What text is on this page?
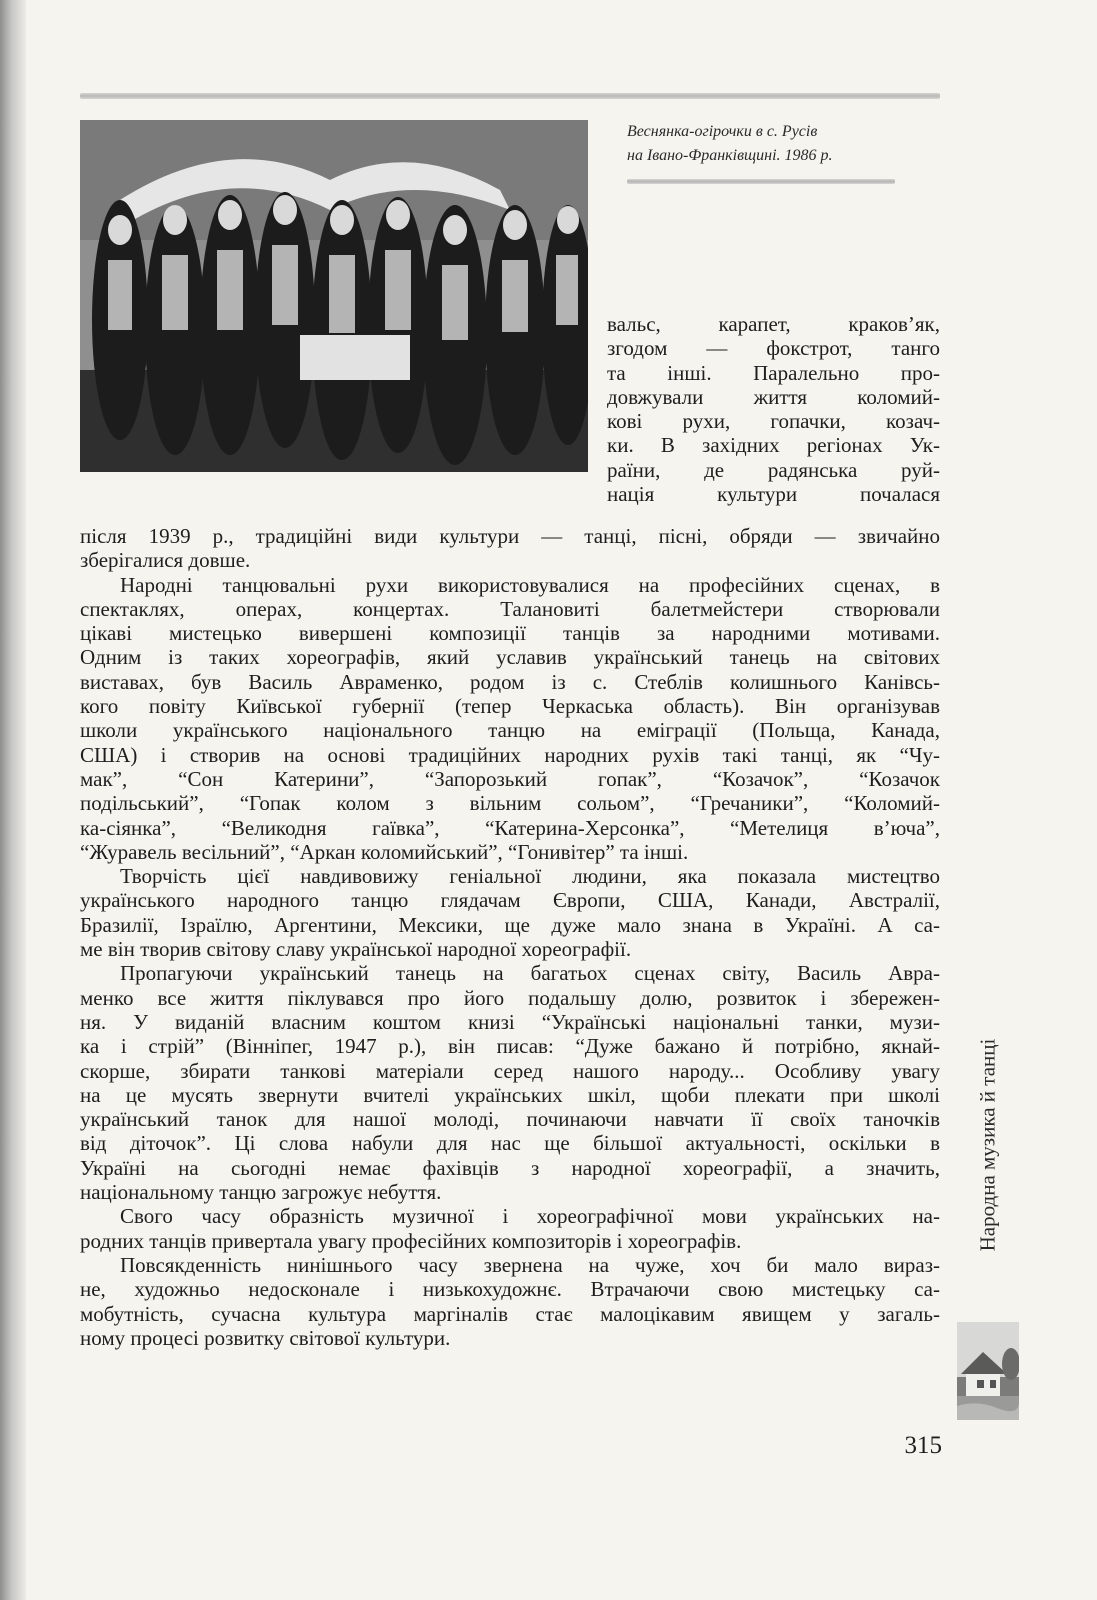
Веснянка-огірочки в с. Русів
на Івано-Франківщині. 1986 р.
вальс, карапет, краков’як,
згодом — фокстрот, танго
та інші. Паралельно про-
довжували життя коломий-
кові рухи, гопачки, козач-
ки. В західних регіонах Ук-
раїни, де радянська руй-
нація культури почалася
після 1939 р., традиційні види культури — танці, пісні, обряди — звичайно
зберігалися довше.
Народні танцювальні рухи використовувалися на професійних сценах, в
спектаклях, операх, концертах. Талановиті балетмейстери створювали
цікаві мистецько вивершені композиції танців за народними мотивами.
Одним із таких хореографів, який уславив український танець на світових
виставах, був Василь Авраменко, родом із с. Стеблів колишнього Канівсь-
кого повіту Київської губернії (тепер Черкаська область). Він організував
школи українського національного танцю на еміграції (Польща, Канада,
США) і створив на основі традиційних народних рухів такі танці, як “Чу-
мак”, “Сон Катерини”, “Запорозький гопак”, “Козачок”, “Козачок
подільський”, “Гопак колом з вільним сольом”, “Гречаники”, “Коломий-
ка-сіянка”, “Великодня гаївка”, “Катерина-Херсонка”, “Метелиця в’юча”,
“Журавель весільний”, “Аркан коломийський”, “Гонивітер” та інші.
Творчість цієї навдивовижу геніальної людини, яка показала мистецтво
українського народного танцю глядачам Європи, США, Канади, Австралії,
Бразилії, Ізраїлю, Аргентини, Мексики, ще дуже мало знана в Україні. А са-
ме він творив світову славу української народної хореографії.
Пропагуючи український танець на багатьох сценах світу, Василь Авра-
менко все життя піклувався про його подальшу долю, розвиток і збережен-
ня. У виданій власним коштом книзі “Українські національні танки, музи-
ка і стрій” (Вінніпег, 1947 р.), він писав: “Дуже бажано й потрібно, якнай-
скорше, збирати танкові матеріали серед нашого народу... Особливу увагу
на це мусять звернути вчителі українських шкіл, щоби плекати при школі
український танок для нашої молоді, починаючи навчати її своїх таночків
від діточок”. Ці слова набули для нас ще більшої актуальності, оскільки в
Україні на сьогодні немає фахівців з народної хореографії, а значить,
національному танцю загрожує небуття.
Свого часу образність музичної і хореографічної мови українських на-
родних танців привертала увагу професійних композиторів і хореографів.
Повсякденність нинішнього часу звернена на чуже, хоч би мало вираз-
не, художньо недосконале і низькохудожнє. Втрачаючи свою мистецьку са-
мобутність, сучасна культура маргіналів стає малоцікавим явищем у загаль-
ному процесі розвитку світової культури.
Народна музика й танці
315
